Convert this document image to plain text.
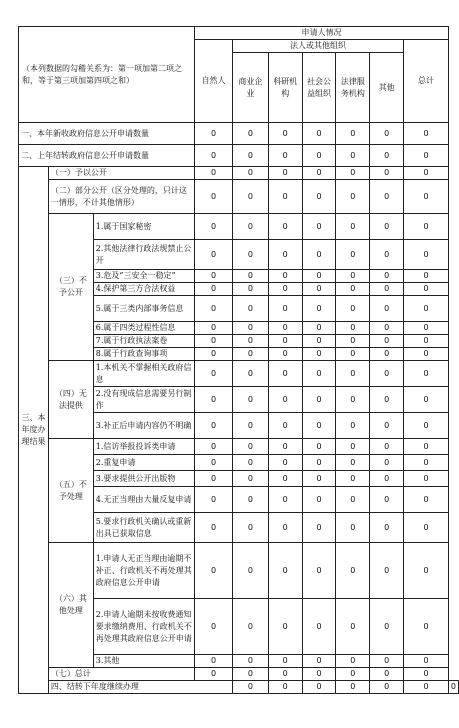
（本列数据的勾稽关系为：第一项加第二项之和，等于第三项加第四项之和）			申请人情况							
			自然人	法人或其他组织					总计	
				商业企业	科研机构	社会公益组织	法律服务机构	其他		

一、本年新收政府信息公开申请数量			0	0	0	0	0	0	0	
二、上年结转政府信息公开申请数量			0	0	0	0	0	0	0	
三、本年度办理结果	（一）予以公开		0	0	0	0	0	0	0	
	（二）部分公开（区分处理的，只计这一情形，不计其他情形）		0	0	0	0	0	0	0	
	（三）不予公开	1.属于国家秘密	0	0	0	0	0	0	0	
		2.其他法律行政法规禁止公开	0	0	0	0	0	0	0	
		3.危及“三安全一稳定”	0	0	0	0	0	0	0	
		4.保护第三方合法权益	0	0	0	0	0	0	0	
		5.属于三类内部事务信息	0	0	0	0	0	0	0	
		6.属于四类过程性信息	0	0	0	0	0	0	0	
		7.属于行政执法案卷	0	0	0	0	0	0	0	
		8.属于行政查询事项	0	0	0	0	0	0	0	
	（四）无法提供	1.本机关不掌握相关政府信息	0	0	0	0	0	0	0	
		2.没有现成信息需要另行制作	0	0	0	0	0	0	0	
		3.补正后申请内容仍不明确	0	0	0	0	0	0	0	
	（五）不予处理	1.信访举报投诉类申请	0	0	0	0	0	0	0	
		2.重复申请	0	0	0	0	0	0	0	
		3.要求提供公开出版物	0	0	0	0	0	0	0	
		4.无正当理由大量反复申请	0	0	0	0	0	0	0	
		5.要求行政机关确认或重新出具已获取信息	0	0	0	0	0	0	0	
	（六）其他处理	1.申请人无正当理由逾期不补正、行政机关不再处理其政府信息公开申请	0	0	0	0	0	0	0	
		2.申请人逾期未按收费通知要求缴纳费用、行政机关不再处理其政府信息公开申请	0	0	0	0	0	0	0	
		3.其他	0	0	0	0	0	0	0	
	（七）总计		0	0	0	0	0	0	0	
	四、结转下年度继续办理			0	0	0	0	0	0	0
